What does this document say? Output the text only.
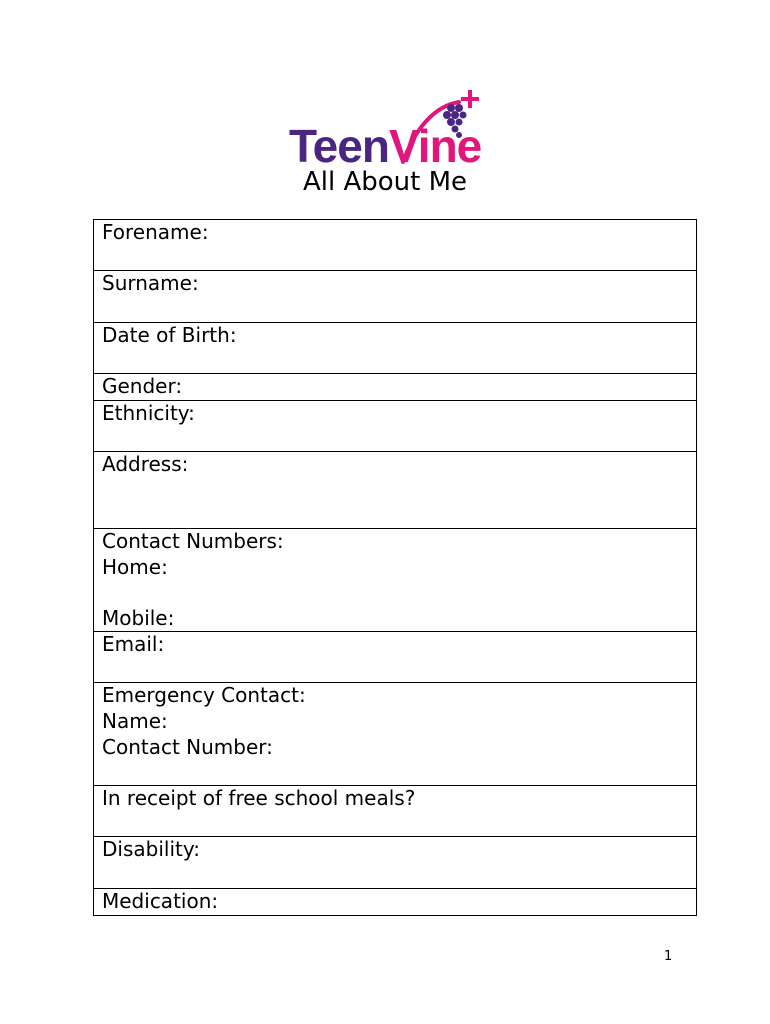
TeenVine
All About Me
Forename:

Surname:

Date of Birth:

Gender:

Ethnicity:

Address:

Contact Numbers:
Home:

Mobile:

Email:

Emergency Contact:
Name:
Contact Number:

In receipt of free school meals?

Disability:

Medication:
1
